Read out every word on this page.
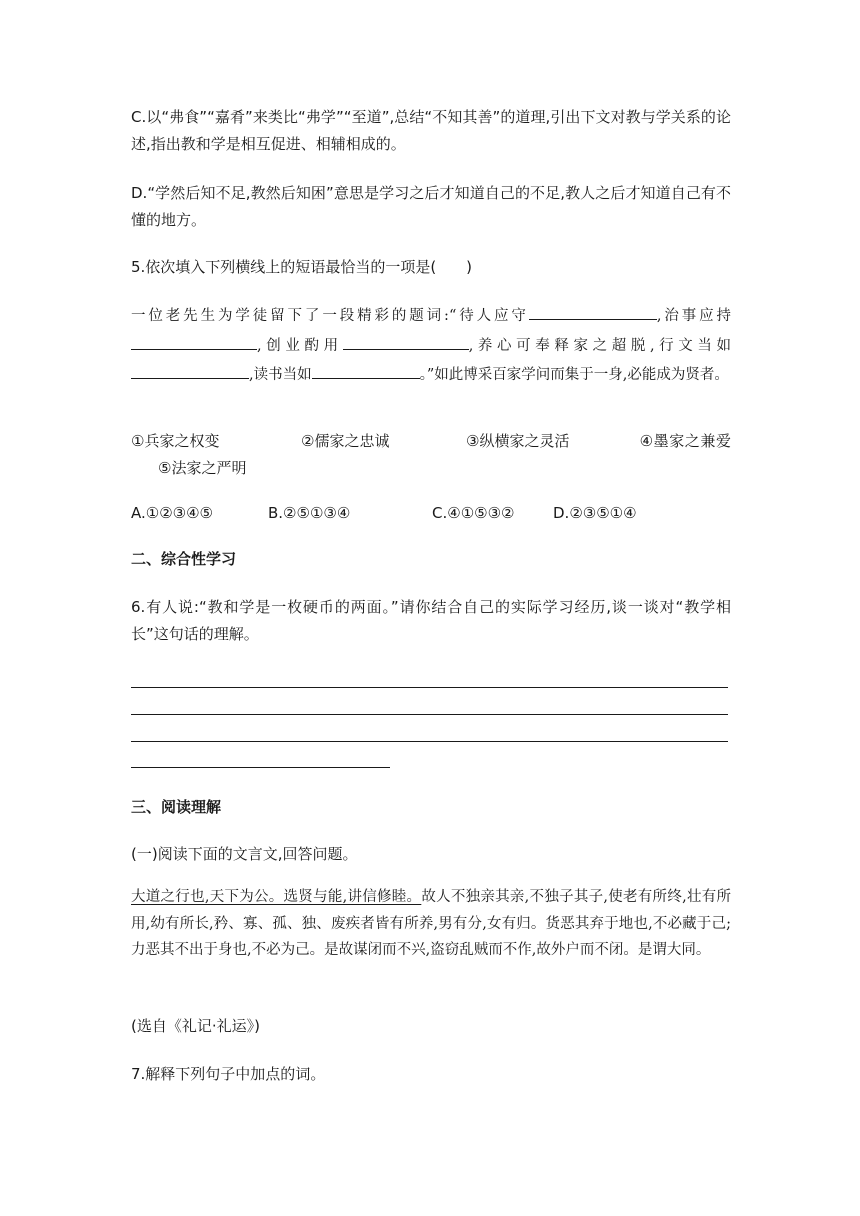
C.以“弗食”“嘉肴”来类比“弗学”“至道”,总结“不知其善”的道理,引出下文对教与学关系的论述,指出教和学是相互促进、相辅相成的。

D.“学然后知不足,教然后知困”意思是学习之后才知道自己的不足,教人之后才知道自己有不懂的地方。

5.依次填入下列横线上的短语最恰当的一项是(　　)

一位老先生为学徒留下了一段精彩的题词:“待人应守	,治事应持,创业酌用	,养心可奉释家之超脱,行文当如,读书当如	。”如此博采百家学问而集于一身,必能成为贤者。

①兵家之权变	②儒家之忠诚	③纵横家之灵活	④墨家之兼爱 ⑤法家之严明
A.①②③④⑤	B.②⑤①③④	C.④①⑤③②	D.②③⑤①④

二、综合性学习

6.有人说:“教和学是一枚硬币的两面。”请你结合自己的实际学习经历,谈一谈对“教学相长”这句话的理解。

三、阅读理解

(一)阅读下面的文言文,回答问题。

大道之行也,天下为公。选贤与能,讲信修睦。故人不独亲其亲,不独子其子,使老有所终,壮有所用,幼有所长,矜、寡、孤、独、废疾者皆有所养,男有分,女有归。货恶其弃于地也,不必藏于己;力恶其不出于身也,不必为己。是故谋闭而不兴,盗窃乱贼而不作,故外户而不闭。是谓大同。

(选自《礼记·礼运》)

7.解释下列句子中加点的词。
